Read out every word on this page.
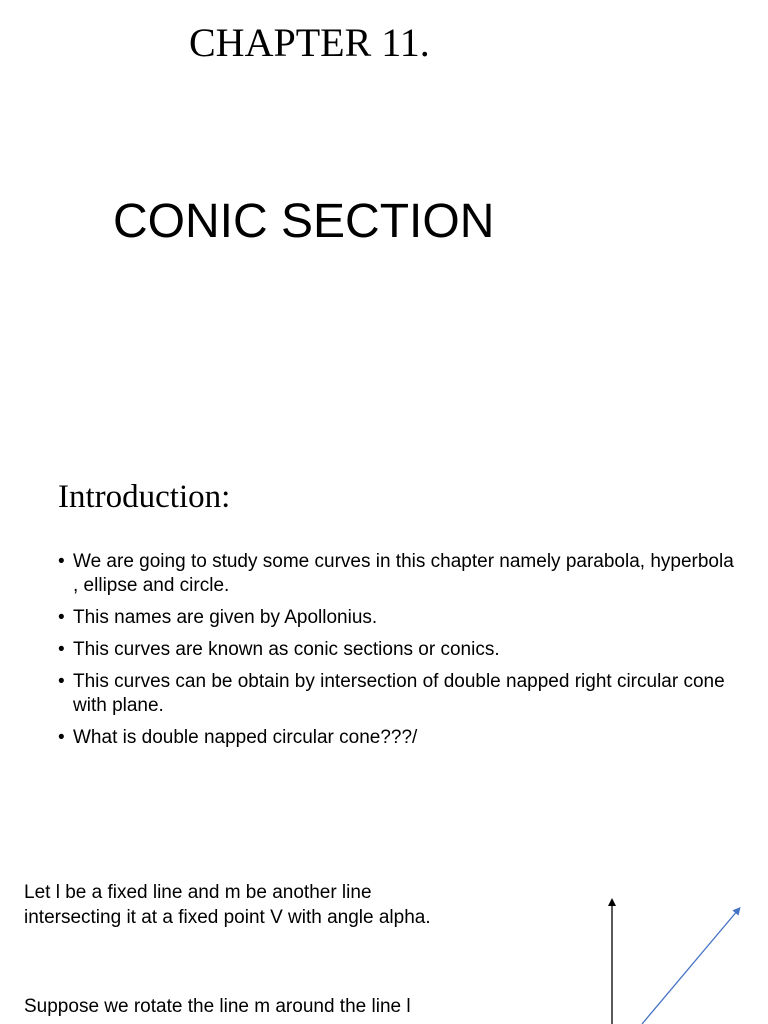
CHAPTER 11.
CONIC SECTION
Introduction:
• We are going to study some curves in this chapter namely parabola, hyperbola , ellipse and circle.
• This names are given by Apollonius.
• This curves are known as conic sections or conics.
• This curves can be obtain by intersection of double napped right circular cone with plane.
• What is double napped circular cone???/

Let l be a fixed line and m be another line intersecting it at a fixed point V with angle alpha.

Suppose we rotate the line m around the line l
